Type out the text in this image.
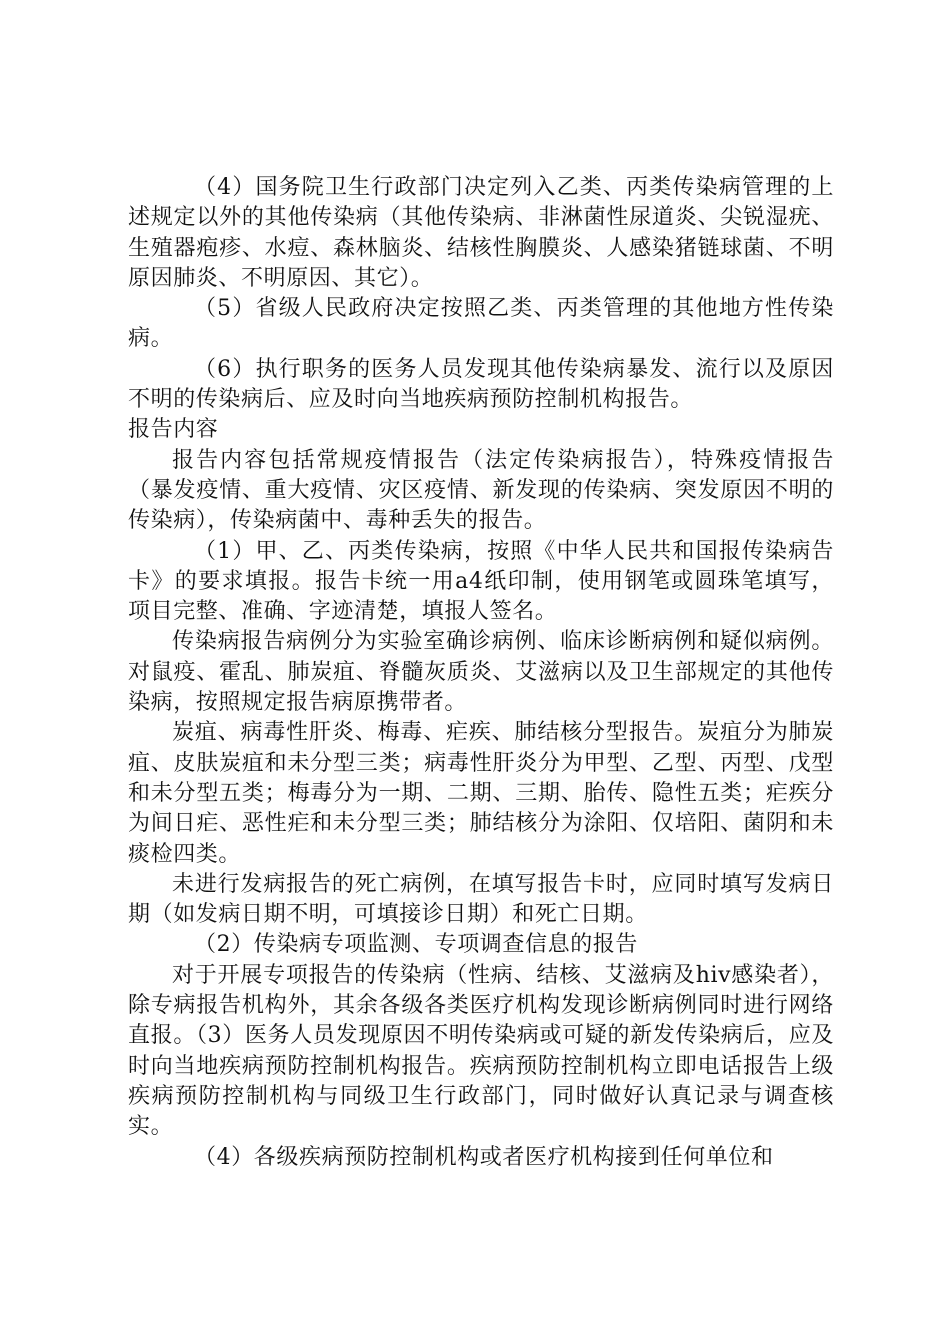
（4）国务院卫生行政部门决定列入乙类、丙类传染病管理的上述规定以外的其他传染病（其他传染病、非淋菌性尿道炎、尖锐湿疣、生殖器疱疹、水痘、森林脑炎、结核性胸膜炎、人感染猪链球菌、不明原因肺炎、不明原因、其它）。

（5）省级人民政府决定按照乙类、丙类管理的其他地方性传染病。

（6）执行职务的医务人员发现其他传染病暴发、流行以及原因不明的传染病后、应及时向当地疾病预防控制机构报告。

报告内容

报告内容包括常规疫情报告（法定传染病报告），特殊疫情报告（暴发疫情、重大疫情、灾区疫情、新发现的传染病、突发原因不明的传染病），传染病菌中、毒种丢失的报告。

（1）甲、乙、丙类传染病，按照《中华人民共和国报传染病告卡》的要求填报。报告卡统一用a4纸印制，使用钢笔或圆珠笔填写，项目完整、准确、字迹清楚，填报人签名。

传染病报告病例分为实验室确诊病例、临床诊断病例和疑似病例。对鼠疫、霍乱、肺炭疽、脊髓灰质炎、艾滋病以及卫生部规定的其他传染病，按照规定报告病原携带者。

炭疽、病毒性肝炎、梅毒、疟疾、肺结核分型报告。炭疽分为肺炭疽、皮肤炭疽和未分型三类；病毒性肝炎分为甲型、乙型、丙型、戊型和未分型五类；梅毒分为一期、二期、三期、胎传、隐性五类；疟疾分为间日疟、恶性疟和未分型三类；肺结核分为涂阳、仅培阳、菌阴和未痰检四类。

未进行发病报告的死亡病例，在填写报告卡时，应同时填写发病日期（如发病日期不明，可填接诊日期）和死亡日期。

（2）传染病专项监测、专项调查信息的报告

对于开展专项报告的传染病（性病、结核、艾滋病及hiv感染者），除专病报告机构外，其余各级各类医疗机构发现诊断病例同时进行网络直报。（3）医务人员发现原因不明传染病或可疑的新发传染病后，应及时向当地疾病预防控制机构报告。疾病预防控制机构立即电话报告上级疾病预防控制机构与同级卫生行政部门，同时做好认真记录与调查核实。

（4）各级疾病预防控制机构或者医疗机构接到任何单位和
